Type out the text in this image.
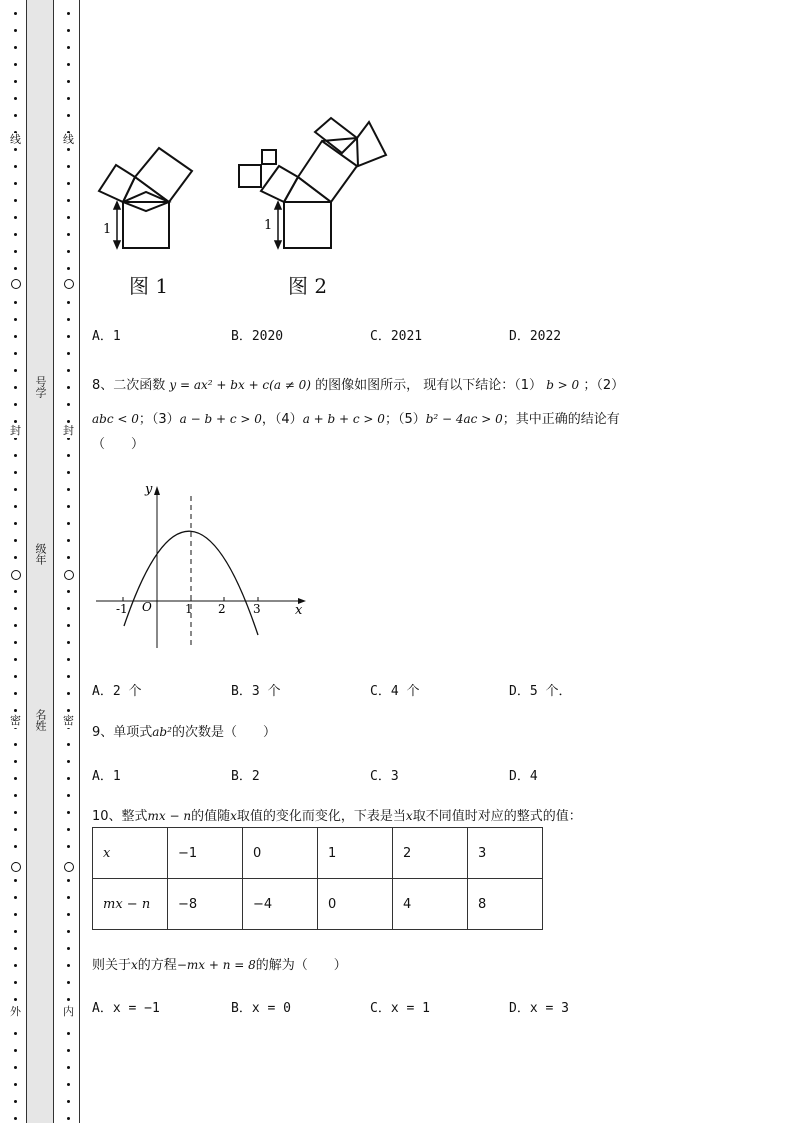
线
封
密
外
线
封
密
内
号学
级年
名姓
1	1
图 1	图 2
A．1	B．2020	C．2021	D．2022
8、二次函数 y = ax² + bx + c(a ≠ 0) 的图像如图所示， 现有以下结论：（1） b > 0 ；（2）
abc < 0；（3）a − b + c > 0，（4）a + b + c > 0；（5）b² − 4ac > 0；其中正确的结论有
（　　）
-1 O	1 2 3	x
y
A．2 个	B．3 个	C．4 个	D．5 个．
9、单项式ab²的次数是（　　）
A．1	B．2	C．3	D．4
10、整式mx − n的值随x取值的变化而变化，下表是当x取不同值时对应的整式的值：
x	−1	0	1	2	3
mx − n	−8	−4	0	4	8
则关于x的方程−mx + n = 8的解为（　　）
A．x = −1	B．x = 0	C．x = 1	D．x = 3
